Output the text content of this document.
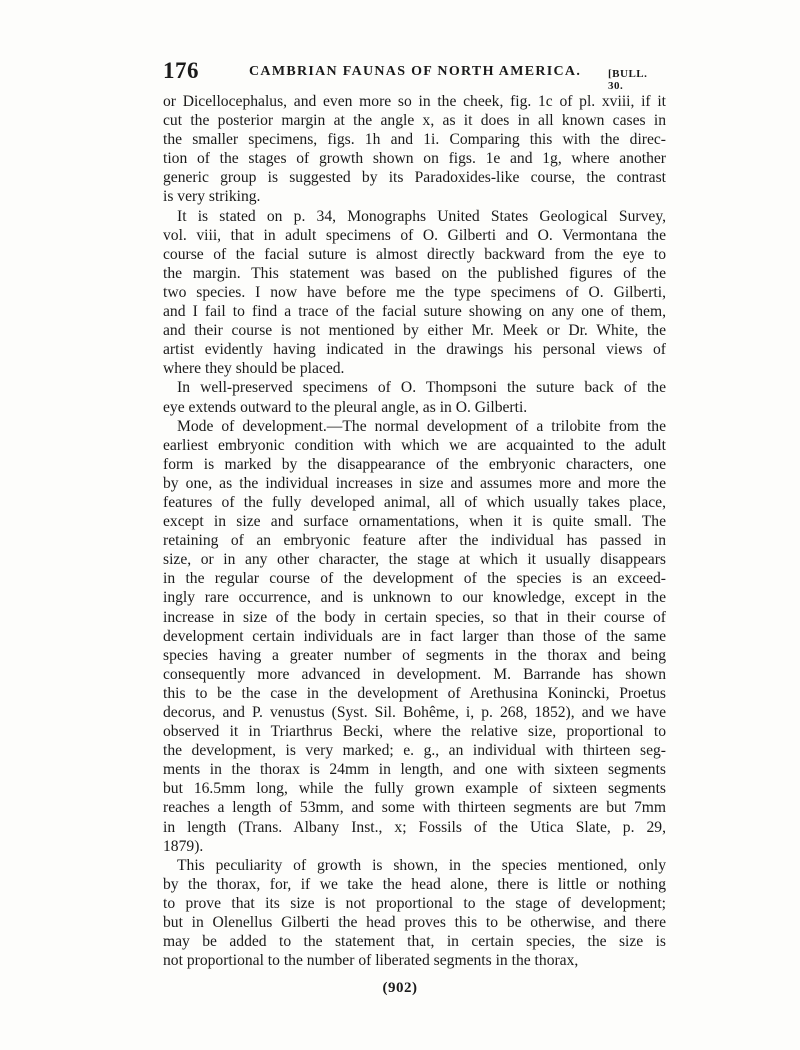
176	CAMBRIAN FAUNAS OF NORTH AMERICA. [BULL. 30.
or Dicellocephalus, and even more so in the cheek, fig. 1c of pl. xviii, if it
cut the posterior margin at the angle x, as it does in all known cases in
the smaller specimens, figs. 1h and 1i. Comparing this with the direc-
tion of the stages of growth shown on figs. 1e and 1g, where another
generic group is suggested by its Paradoxides-like course, the contrast
is very striking.
It is stated on p. 34, Monographs United States Geological Survey,
vol. viii, that in adult specimens of O. Gilberti and O. Vermontana the
course of the facial suture is almost directly backward from the eye to
the margin. This statement was based on the published figures of the
two species. I now have before me the type specimens of O. Gilberti,
and I fail to find a trace of the facial suture showing on any one of them,
and their course is not mentioned by either Mr. Meek or Dr. White, the
artist evidently having indicated in the drawings his personal views of
where they should be placed.
In well-preserved specimens of O. Thompsoni the suture back of the
eye extends outward to the pleural angle, as in O. Gilberti.
Mode of development.—The normal development of a trilobite from the
earliest embryonic condition with which we are acquainted to the adult
form is marked by the disappearance of the embryonic characters, one
by one, as the individual increases in size and assumes more and more the
features of the fully developed animal, all of which usually takes place,
except in size and surface ornamentations, when it is quite small. The
retaining of an embryonic feature after the individual has passed in
size, or in any other character, the stage at which it usually disappears
in the regular course of the development of the species is an exceed-
ingly rare occurrence, and is unknown to our knowledge, except in the
increase in size of the body in certain species, so that in their course of
development certain individuals are in fact larger than those of the same
species having a greater number of segments in the thorax and being
consequently more advanced in development. M. Barrande has shown
this to be the case in the development of Arethusina Konincki, Proetus
decorus, and P. venustus (Syst. Sil. Bohême, i, p. 268, 1852), and we have
observed it in Triarthrus Becki, where the relative size, proportional to
the development, is very marked; e. g., an individual with thirteen seg-
ments in the thorax is 24mm in length, and one with sixteen segments
but 16.5mm long, while the fully grown example of sixteen segments
reaches a length of 53mm, and some with thirteen segments are but 7mm
in length (Trans. Albany Inst., x; Fossils of the Utica Slate, p. 29,
1879).
This peculiarity of growth is shown, in the species mentioned, only
by the thorax, for, if we take the head alone, there is little or nothing
to prove that its size is not proportional to the stage of development;
but in Olenellus Gilberti the head proves this to be otherwise, and there
may be added to the statement that, in certain species, the size is
not proportional to the number of liberated segments in the thorax,
(902)
